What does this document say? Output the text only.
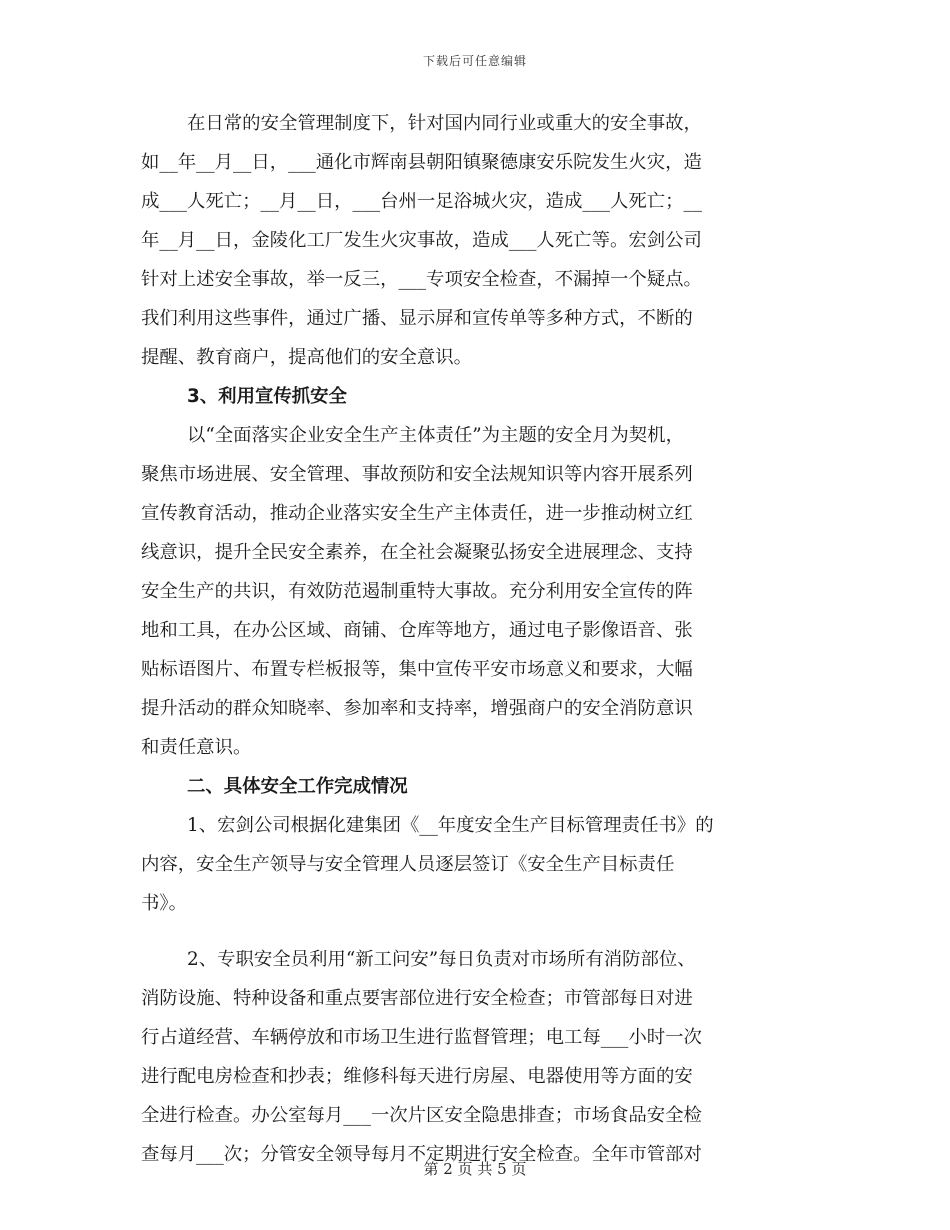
下载后可任意编辑
在日常的安全管理制度下，针对国内同行业或重大的安全事故，
如__年__月__日，___通化市辉南县朝阳镇聚德康安乐院发生火灾，造
成___人死亡；__月__日，___台州一足浴城火灾，造成___人死亡；__
年__月__日，金陵化工厂发生火灾事故，造成___人死亡等。宏剑公司
针对上述安全事故，举一反三，___专项安全检查，不漏掉一个疑点。
我们利用这些事件，通过广播、显示屏和宣传单等多种方式，不断的
提醒、教育商户，提高他们的安全意识。
3、利用宣传抓安全
以“全面落实企业安全生产主体责任”为主题的安全月为契机，
聚焦市场进展、安全管理、事故预防和安全法规知识等内容开展系列
宣传教育活动，推动企业落实安全生产主体责任，进一步推动树立红
线意识，提升全民安全素养，在全社会凝聚弘扬安全进展理念、支持
安全生产的共识，有效防范遏制重特大事故。充分利用安全宣传的阵
地和工具，在办公区域、商铺、仓库等地方，通过电子影像语音、张
贴标语图片、布置专栏板报等，集中宣传平安市场意义和要求，大幅
提升活动的群众知晓率、参加率和支持率，增强商户的安全消防意识
和责任意识。
二、具体安全工作完成情况
1、宏剑公司根据化建集团《__年度安全生产目标管理责任书》的
内容，安全生产领导与安全管理人员逐层签订《安全生产目标责任
书》。
2、专职安全员利用“新工问安”每日负责对市场所有消防部位、
消防设施、特种设备和重点要害部位进行安全检查；市管部每日对进
行占道经营、车辆停放和市场卫生进行监督管理；电工每___小时一次
进行配电房检查和抄表；维修科每天进行房屋、电器使用等方面的安
全进行检查。办公室每月___一次片区安全隐患排查；市场食品安全检
查每月___次；分管安全领导每月不定期进行安全检查。全年市管部对
第 2 页 共 5 页
